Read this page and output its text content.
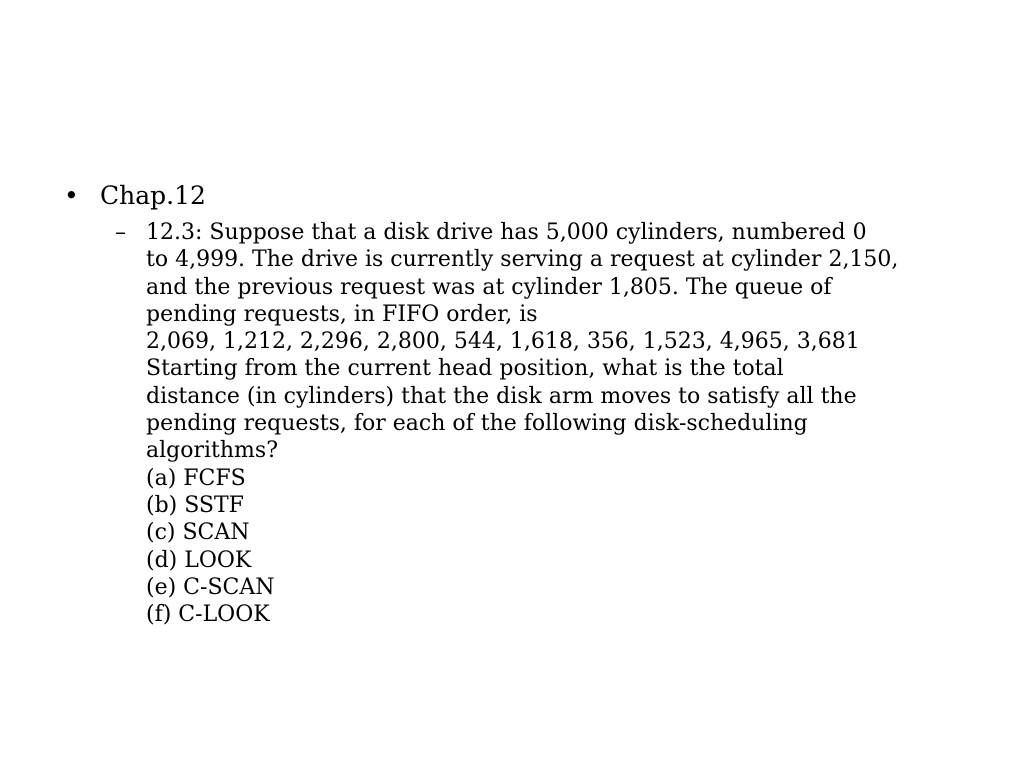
• Chap.12
– 12.3: Suppose that a disk drive has 5,000 cylinders, numbered 0
to 4,999. The drive is currently serving a request at cylinder 2,150,
and the previous request was at cylinder 1,805. The queue of
pending requests, in FIFO order, is
2,069, 1,212, 2,296, 2,800, 544, 1,618, 356, 1,523, 4,965, 3,681
Starting from the current head position, what is the total
distance (in cylinders) that the disk arm moves to satisfy all the
pending requests, for each of the following disk-scheduling
algorithms?
(a) FCFS
(b) SSTF
(c) SCAN
(d) LOOK
(e) C-SCAN
(f) C-LOOK
